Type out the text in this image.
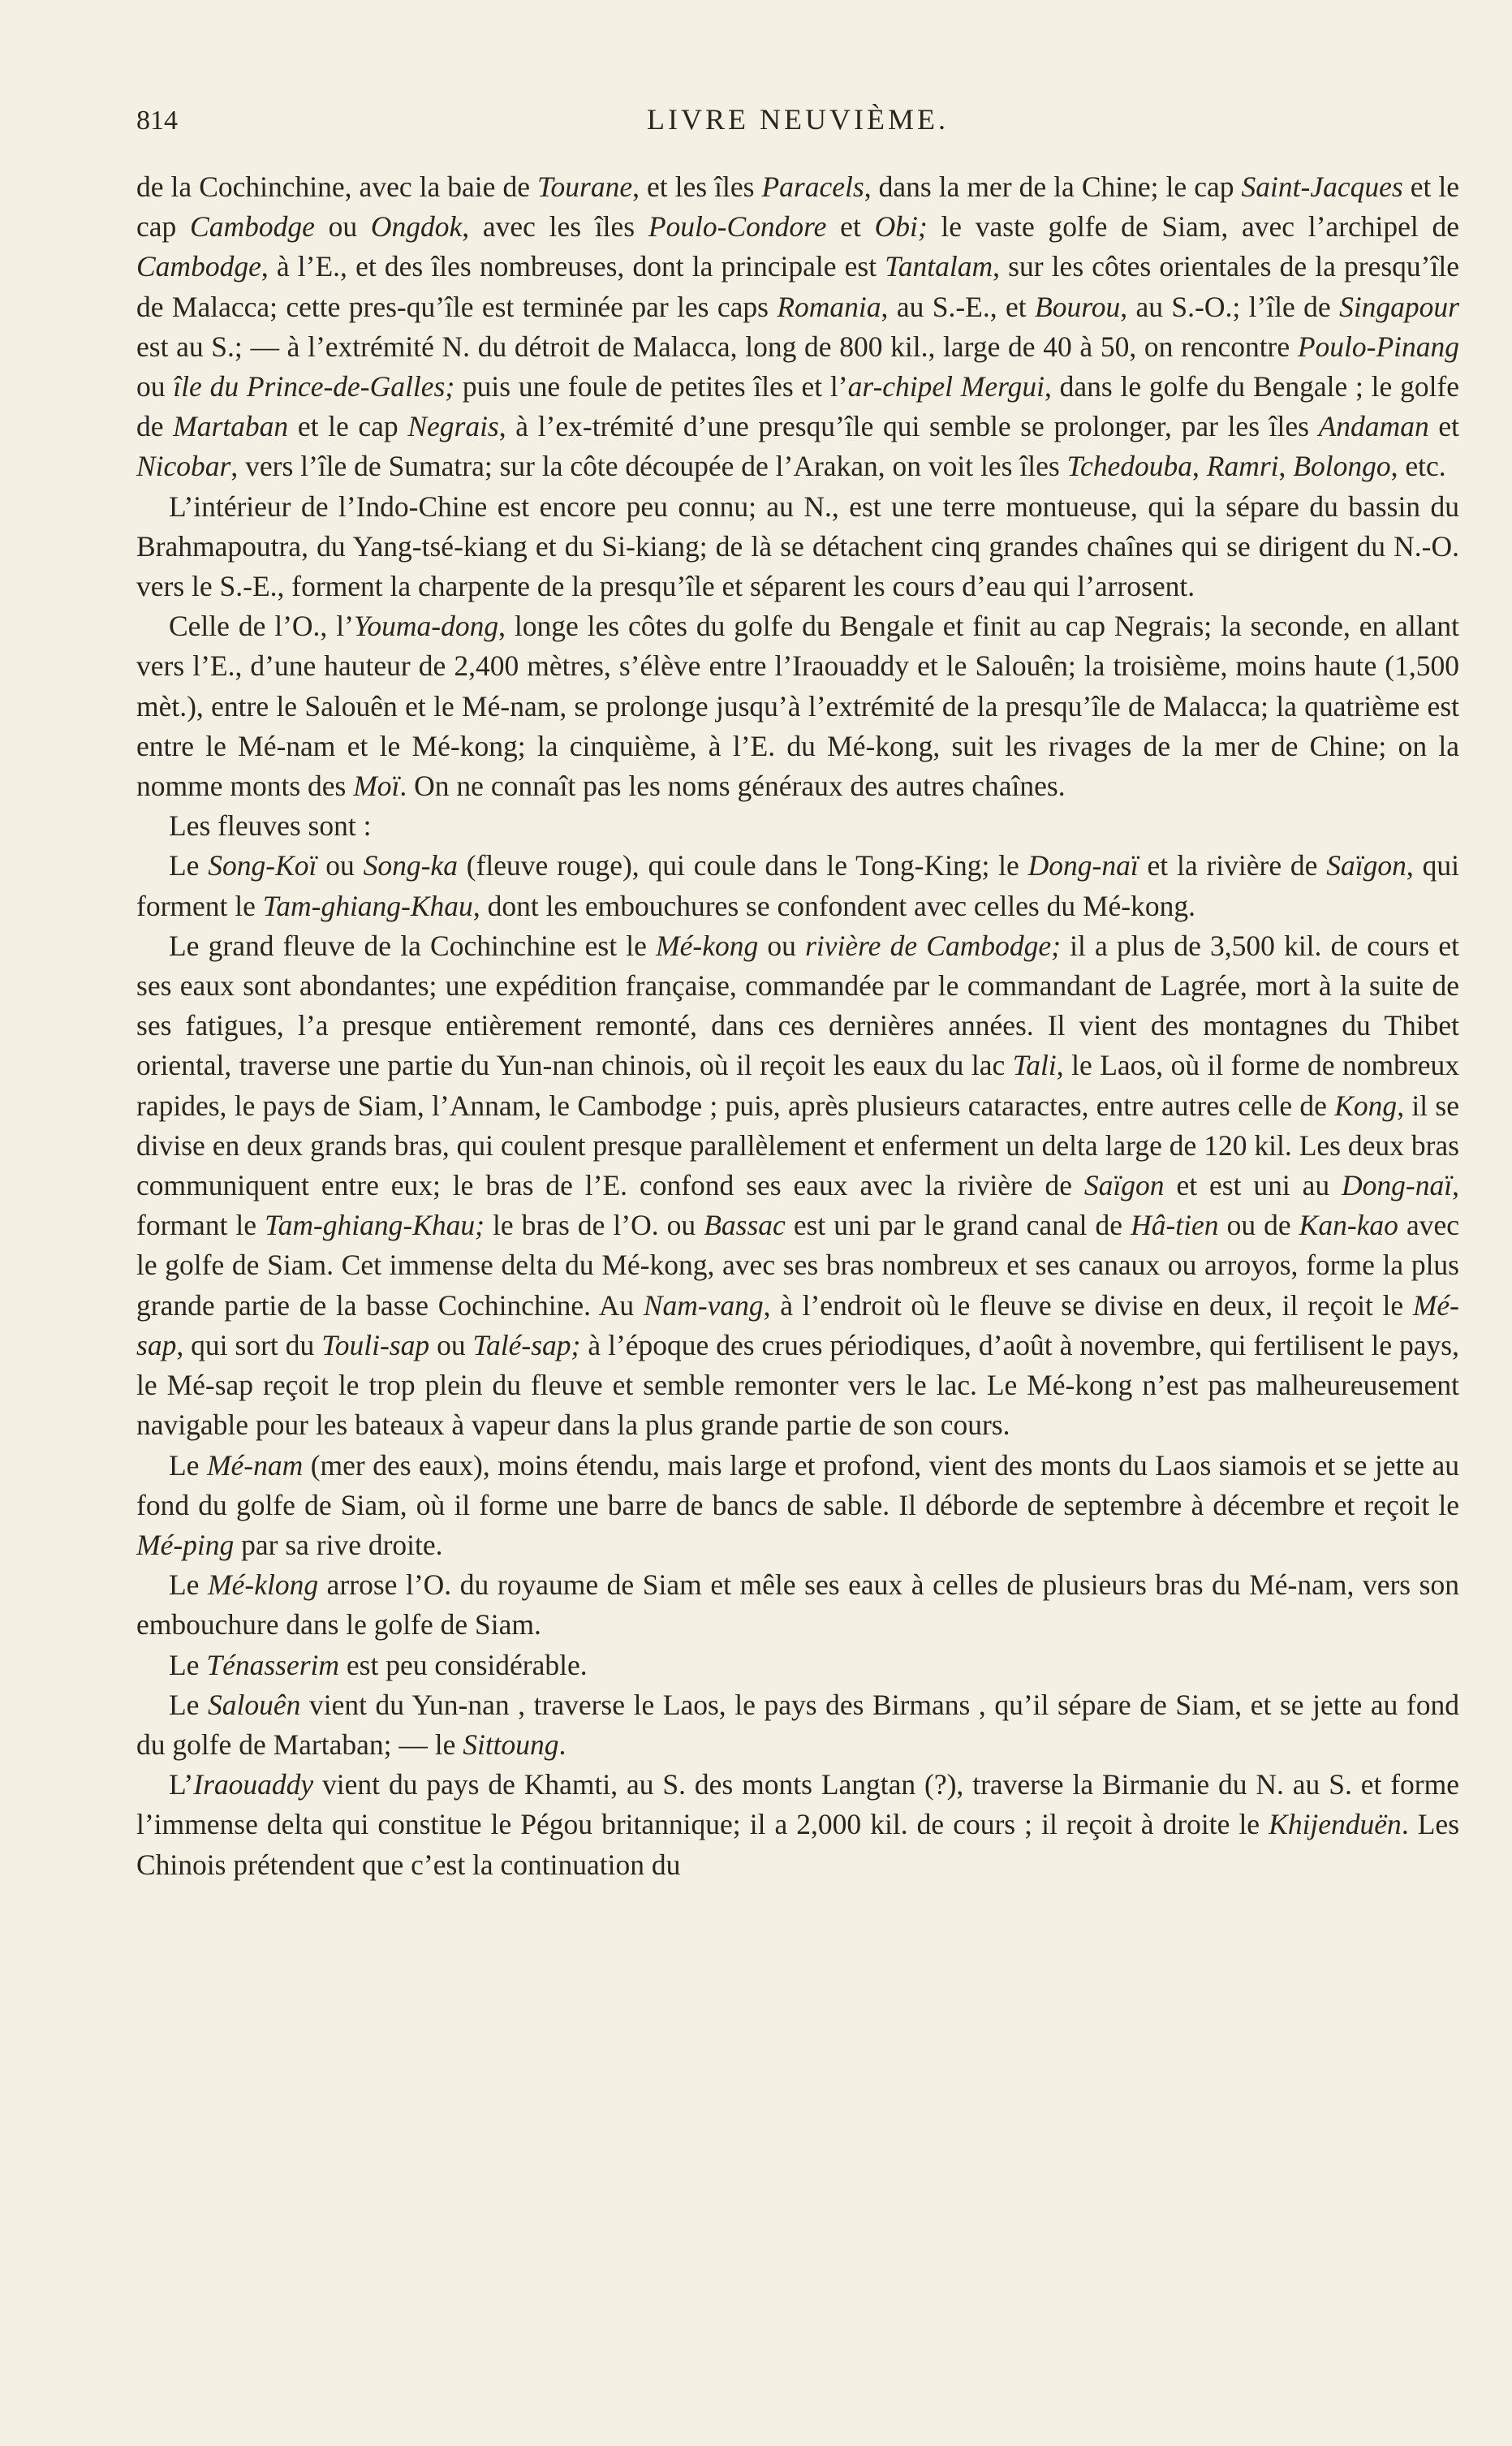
814	LIVRE NEUVIÈME.

de la Cochinchine, avec la baie de Tourane, et les îles Paracels, dans la mer de la Chine; le cap Saint-Jacques et le cap Cambodge ou Ongdok, avec les îles Poulo-Condore et Obi; le vaste golfe de Siam, avec l’archipel de Cambodge, à l’E., et des îles nombreuses, dont la principale est Tantalam, sur les côtes orientales de la presqu’île de Malacca; cette pres-qu’île est terminée par les caps Romania, au S.-E., et Bourou, au S.-O.; l’île de Singapour est au S.; — à l’extrémité N. du détroit de Malacca, long de 800 kil., large de 40 à 50, on rencontre Poulo-Pinang ou île du Prince-de-Galles; puis une foule de petites îles et l’ar-chipel Mergui, dans le golfe du Bengale ; le golfe de Martaban et le cap Negrais, à l’ex-trémité d’une presqu’île qui semble se prolonger, par les îles Andaman et Nicobar, vers l’île de Sumatra; sur la côte découpée de l’Arakan, on voit les îles Tchedouba, Ramri, Bolongo, etc.

L’intérieur de l’Indo-Chine est encore peu connu; au N., est une terre montueuse, qui la sépare du bassin du Brahmapoutra, du Yang-tsé-kiang et du Si-kiang; de là se détachent cinq grandes chaînes qui se dirigent du N.-O. vers le S.-E., forment la charpente de la presqu’île et séparent les cours d’eau qui l’arrosent.

Celle de l’O., l’Youma-dong, longe les côtes du golfe du Bengale et finit au cap Negrais; la seconde, en allant vers l’E., d’une hauteur de 2,400 mètres, s’élève entre l’Iraouaddy et le Salouên; la troisième, moins haute (1,500 mèt.), entre le Salouên et le Mé-nam, se prolonge jusqu’à l’extrémité de la presqu’île de Malacca; la quatrième est entre le Mé-nam et le Mé-kong; la cinquième, à l’E. du Mé-kong, suit les rivages de la mer de Chine; on la nomme monts des Moï. On ne connaît pas les noms généraux des autres chaînes.

Les fleuves sont :

Le Song-Koï ou Song-ka (fleuve rouge), qui coule dans le Tong-King; le Dong-naï et la rivière de Saïgon, qui forment le Tam-ghiang-Khau, dont les embouchures se confondent avec celles du Mé-kong.

Le grand fleuve de la Cochinchine est le Mé-kong ou rivière de Cambodge; il a plus de 3,500 kil. de cours et ses eaux sont abondantes; une expédition française, commandée par le commandant de Lagrée, mort à la suite de ses fatigues, l’a presque entièrement remonté, dans ces dernières années. Il vient des montagnes du Thibet oriental, traverse une partie du Yun-nan chinois, où il reçoit les eaux du lac Tali, le Laos, où il forme de nombreux rapides, le pays de Siam, l’Annam, le Cambodge ; puis, après plusieurs cataractes, entre autres celle de Kong, il se divise en deux grands bras, qui coulent presque parallèlement et enferment un delta large de 120 kil. Les deux bras communiquent entre eux; le bras de l’E. confond ses eaux avec la rivière de Saïgon et est uni au Dong-naï, formant le Tam-ghiang-Khau; le bras de l’O. ou Bassac est uni par le grand canal de Hâ-tien ou de Kan-kao avec le golfe de Siam. Cet immense delta du Mé-kong, avec ses bras nombreux et ses canaux ou arroyos, forme la plus grande partie de la basse Cochinchine. Au Nam-vang, à l’endroit où le fleuve se divise en deux, il reçoit le Mé-sap, qui sort du Touli-sap ou Talé-sap; à l’époque des crues périodiques, d’août à novembre, qui fertilisent le pays, le Mé-sap reçoit le trop plein du fleuve et semble remonter vers le lac. Le Mé-kong n’est pas malheureusement navigable pour les bateaux à vapeur dans la plus grande partie de son cours.

Le Mé-nam (mer des eaux), moins étendu, mais large et profond, vient des monts du Laos siamois et se jette au fond du golfe de Siam, où il forme une barre de bancs de sable. Il déborde de septembre à décembre et reçoit le Mé-ping par sa rive droite.

Le Mé-klong arrose l’O. du royaume de Siam et mêle ses eaux à celles de plusieurs bras du Mé-nam, vers son embouchure dans le golfe de Siam.

Le Ténasserim est peu considérable.

Le Salouên vient du Yun-nan , traverse le Laos, le pays des Birmans , qu’il sépare de Siam, et se jette au fond du golfe de Martaban; — le Sittoung.

L’Iraouaddy vient du pays de Khamti, au S. des monts Langtan (?), traverse la Birmanie du N. au S. et forme l’immense delta qui constitue le Pégou britannique; il a 2,000 kil. de cours ; il reçoit à droite le Khijenduën. Les Chinois prétendent que c’est la continuation du
